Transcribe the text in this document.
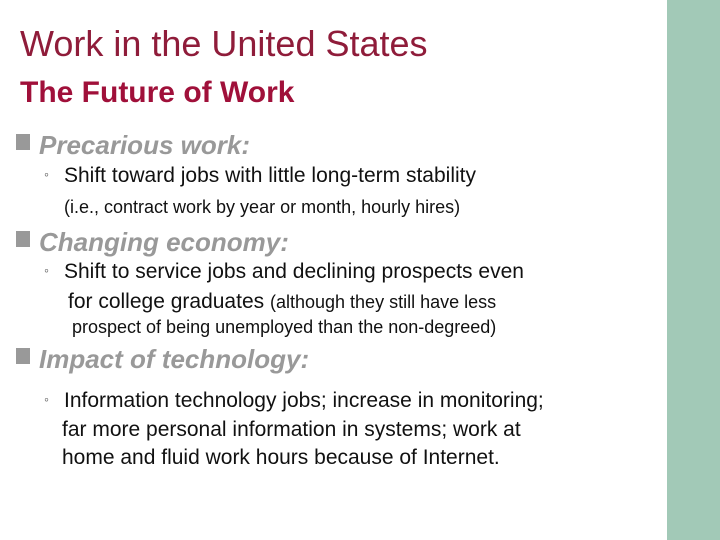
Work in the United States
The Future of Work
Precarious work:
◦ Shift toward jobs with little long-term stability
(i.e., contract work by year or month, hourly hires)
Changing economy:
◦ Shift to service jobs and declining prospects even
for college graduates (although they still have less
prospect of being unemployed than the non-degreed)
Impact of technology:
◦ Information technology jobs; increase in monitoring;
far more personal information in systems; work at
home and fluid work hours because of Internet.
